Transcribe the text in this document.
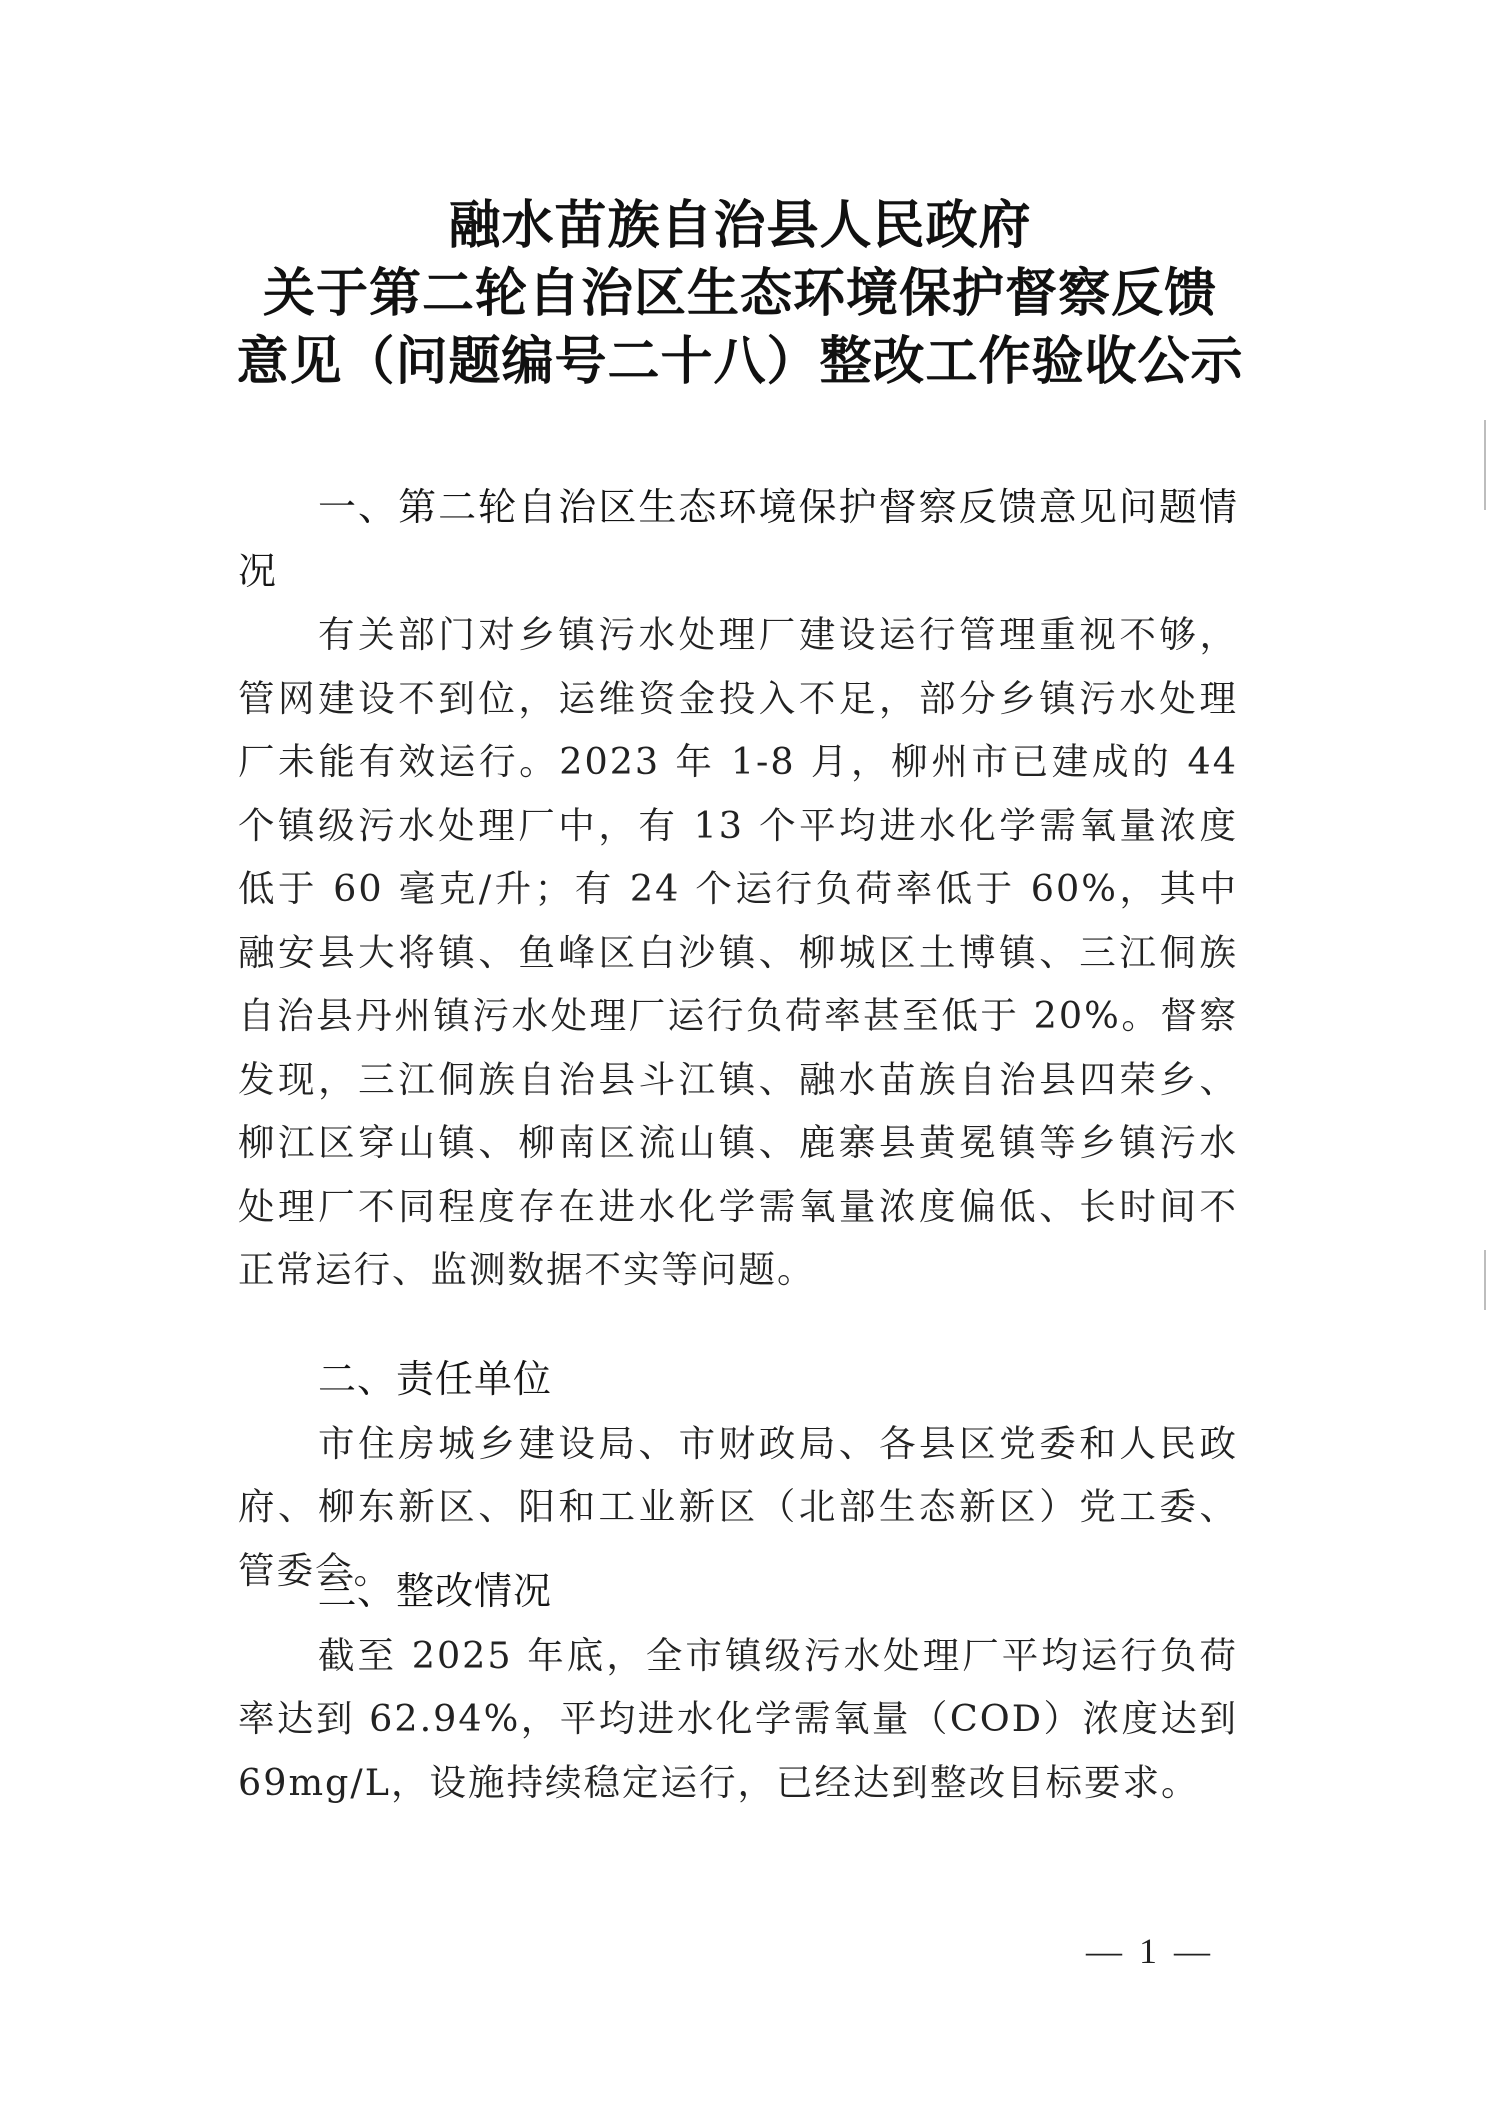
融水苗族自治县人民政府
关于第二轮自治区生态环境保护督察反馈
意见（问题编号二十八）整改工作验收公示
一、第二轮自治区生态环境保护督察反馈意见问题情况
有关部门对乡镇污水处理厂建设运行管理重视不够，管网建设不到位，运维资金投入不足，部分乡镇污水处理厂未能有效运行。2023 年 1-8 月，柳州市已建成的 44 个镇级污水处理厂中，有 13 个平均进水化学需氧量浓度低于 60 毫克/升；有 24 个运行负荷率低于 60%，其中融安县大将镇、鱼峰区白沙镇、柳城区土博镇、三江侗族自治县丹州镇污水处理厂运行负荷率甚至低于 20%。督察发现，三江侗族自治县斗江镇、融水苗族自治县四荣乡、柳江区穿山镇、柳南区流山镇、鹿寨县黄冕镇等乡镇污水处理厂不同程度存在进水化学需氧量浓度偏低、长时间不正常运行、监测数据不实等问题。
二、责任单位
市住房城乡建设局、市财政局、各县区党委和人民政府、柳东新区、阳和工业新区（北部生态新区）党工委、管委会。
三、整改情况
截至 2025 年底，全市镇级污水处理厂平均运行负荷率达到 62.94%，平均进水化学需氧量（COD）浓度达到 69mg/L，设施持续稳定运行，已经达到整改目标要求。
— 1 —
